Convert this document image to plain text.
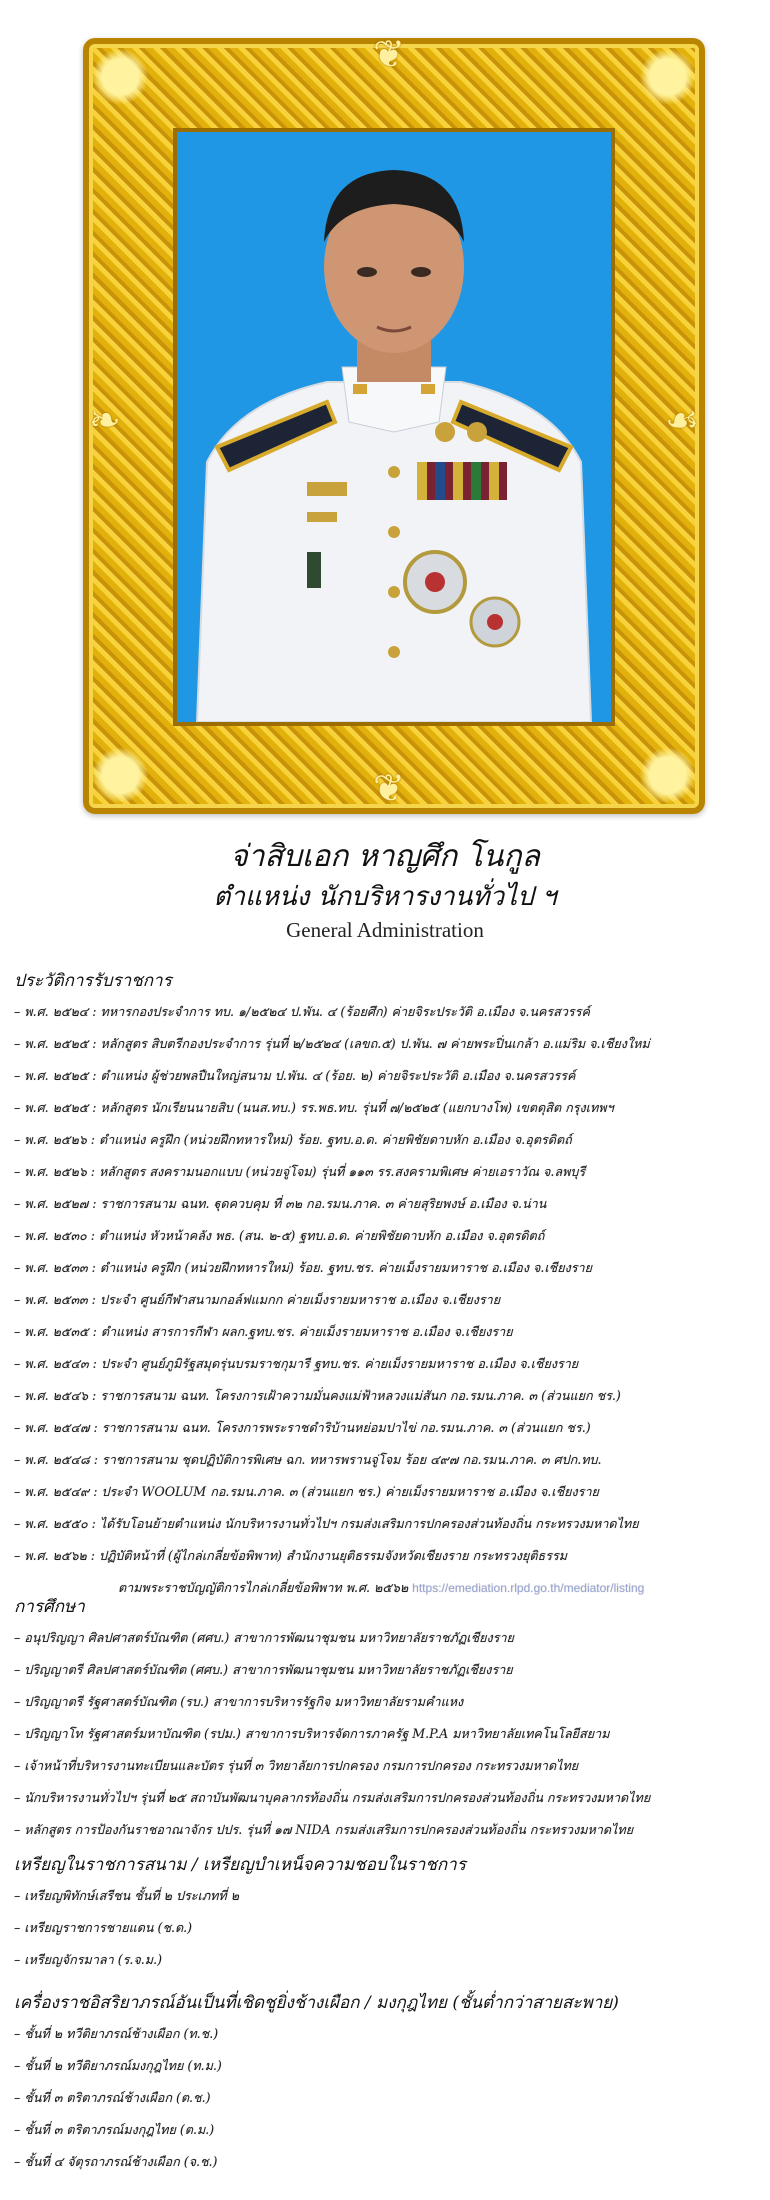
❦
❦
❧	☙

จ่าสิบเอก หาญศึก โนกูล

ตำแหน่ง นักบริหารงานทั่วไป ฯ

General Administration

ประวัติการรับราชการ
– พ.ศ. ๒๕๒๔ : ทหารกองประจำการ ทบ. ๑/๒๕๒๔ ป.พัน. ๔ (ร้อยศึก) ค่ายจิระประวัติ อ.เมือง จ.นครสวรรค์
– พ.ศ. ๒๕๒๕ : หลักสูตร สิบตรีกองประจำการ รุ่นที่ ๒/๒๕๒๔ (เลขถ.๕) ป.พัน. ๗ ค่ายพระปิ่นเกล้า อ.แม่ริม จ.เชียงใหม่
– พ.ศ. ๒๕๒๕ : ตำแหน่ง ผู้ช่วยพลปืนใหญ่สนาม ป.พัน. ๔ (ร้อย. ๒) ค่ายจิระประวัติ อ.เมือง จ.นครสวรรค์
– พ.ศ. ๒๕๒๕ : หลักสูตร นักเรียนนายสิบ (นนส.ทบ.) รร.พธ.ทบ. รุ่นที่ ๗/๒๕๒๕ (แยกบางโพ) เขตดุสิต กรุงเทพฯ
– พ.ศ. ๒๕๒๖ : ตำแหน่ง ครูฝึก (หน่วยฝึกทหารใหม่) ร้อย. ฐทบ.อ.ด. ค่ายพิชัยดาบหัก อ.เมือง จ.อุตรดิตถ์
– พ.ศ. ๒๕๒๖ : หลักสูตร สงครามนอกแบบ (หน่วยจู่โจม) รุ่นที่ ๑๑๓ รร.สงครามพิเศษ ค่ายเอราวัณ จ.ลพบุรี
– พ.ศ. ๒๕๒๗ : ราชการสนาม ฉนท. ฐุดควบคุม ที่ ๓๒ กอ.รมน.ภาค. ๓ ค่ายสุริยพงษ์ อ.เมือง จ.น่าน
– พ.ศ. ๒๕๓๐ : ตำแหน่ง หัวหน้าคลัง พธ. (สน. ๒-๕) ฐทบ.อ.ด. ค่ายพิชัยดาบหัก อ.เมือง จ.อุตรดิตถ์
– พ.ศ. ๒๕๓๓ : ตำแหน่ง ครูฝึก (หน่วยฝึกทหารใหม่) ร้อย. ฐทบ.ชร. ค่ายเม็งรายมหาราช อ.เมือง จ.เชียงราย
– พ.ศ. ๒๕๓๓ : ประจำ ศูนย์กีฬาสนามกอล์ฟแมกก ค่ายเม็งรายมหาราช อ.เมือง จ.เชียงราย
– พ.ศ. ๒๕๓๕ : ตำแหน่ง สารการกีฬา ผลก.ฐทบ.ชร. ค่ายเม็งรายมหาราช อ.เมือง จ.เชียงราย
– พ.ศ. ๒๕๔๓ : ประจำ ศูนย์ภูมิรัฐสมุดรุ่นบรมราชกุมารี ฐทบ.ชร. ค่ายเม็งรายมหาราช อ.เมือง จ.เชียงราย
– พ.ศ. ๒๕๔๖ : ราชการสนาม ฉนท. โครงการเฝ้าความมั่นคงแม่ฟ้าหลวงแม่สันก กอ.รมน.ภาค. ๓ (ส่วนแยก ชร.)
– พ.ศ. ๒๕๔๗ : ราชการสนาม ฉนท. โครงการพระราชดำริบ้านหย่อมปาไข่ กอ.รมน.ภาค. ๓ (ส่วนแยก ชร.)
– พ.ศ. ๒๕๔๘ : ราชการสนาม ชุดปฏิบัติการพิเศษ ฉก. ทหารพรานจู่โจม ร้อย ๔๙๗ กอ.รมน.ภาค. ๓ ศปก.ทบ.
– พ.ศ. ๒๕๔๙ : ประจำ WOOLUM กอ.รมน.ภาค. ๓ (ส่วนแยก ชร.) ค่ายเม็งรายมหาราช อ.เมือง จ.เชียงราย
– พ.ศ. ๒๕๕๐ : ได้รับโอนย้ายตำแหน่ง นักบริหารงานทั่วไปฯ กรมส่งเสริมการปกครองส่วนท้องถิ่น กระทรวงมหาดไทย
– พ.ศ. ๒๕๖๒ : ปฏิบัติหน้าที่ (ผู้ไกล่เกลี่ยข้อพิพาท) สำนักงานยุติธรรมจังหวัดเชียงราย กระทรวงยุติธรรม
ตามพระราชบัญญัติการไกล่เกลี่ยข้อพิพาท พ.ศ. ๒๕๖๒ https://emediation.rlpd.go.th/mediator/listing
การศึกษา
– อนุปริญญา ศิลปศาสตร์บัณฑิต (ศศบ.) สาขาการพัฒนาชุมชน มหาวิทยาลัยราชภัฏเชียงราย
– ปริญญาตรี ศิลปศาสตร์บัณฑิต (ศศบ.) สาขาการพัฒนาชุมชน มหาวิทยาลัยราชภัฏเชียงราย
– ปริญญาตรี รัฐศาสตร์บัณฑิต (รบ.) สาขาการบริหารรัฐกิจ มหาวิทยาลัยรามคำแหง
– ปริญญาโท รัฐศาสตร์มหาบัณฑิต (รปม.) สาขาการบริหารจัดการภาครัฐ M.P.A มหาวิทยาลัยเทคโนโลยีสยาม
– เจ้าหน้าที่บริหารงานทะเบียนและบัตร รุ่นที่ ๓ วิทยาลัยการปกครอง กรมการปกครอง กระทรวงมหาดไทย
– นักบริหารงานทั่วไปฯ รุ่นที่ ๒๕ สถาบันพัฒนาบุคลากรท้องถิ่น กรมส่งเสริมการปกครองส่วนท้องถิ่น กระทรวงมหาดไทย
– หลักสูตร การป้องกันราชอาณาจักร ปปร. รุ่นที่ ๑๗ NIDA กรมส่งเสริมการปกครองส่วนท้องถิ่น กระทรวงมหาดไทย
เหรียญในราชการสนาม / เหรียญบำเหน็จความชอบในราชการ
– เหรียญพิทักษ์เสรีชน ชั้นที่ ๒ ประเภทที่ ๒
– เหรียญราชการชายแดน (ช.ด.)
– เหรียญจักรมาลา (ร.จ.ม.)
เครื่องราชอิสริยาภรณ์อันเป็นที่เชิดชูยิ่งช้างเผือก / มงกุฎไทย (ชั้นต่ำกว่าสายสะพาย)
– ชั้นที่ ๒ ทวีติยาภรณ์ช้างเผือก (ท.ช.)
– ชั้นที่ ๒ ทวีติยาภรณ์มงกุฎไทย (ท.ม.)
– ชั้นที่ ๓ ตริตาภรณ์ช้างเผือก (ต.ช.)
– ชั้นที่ ๓ ตริตาภรณ์มงกุฎไทย (ต.ม.)
– ชั้นที่ ๔ จัตุรถาภรณ์ช้างเผือก (จ.ช.)
